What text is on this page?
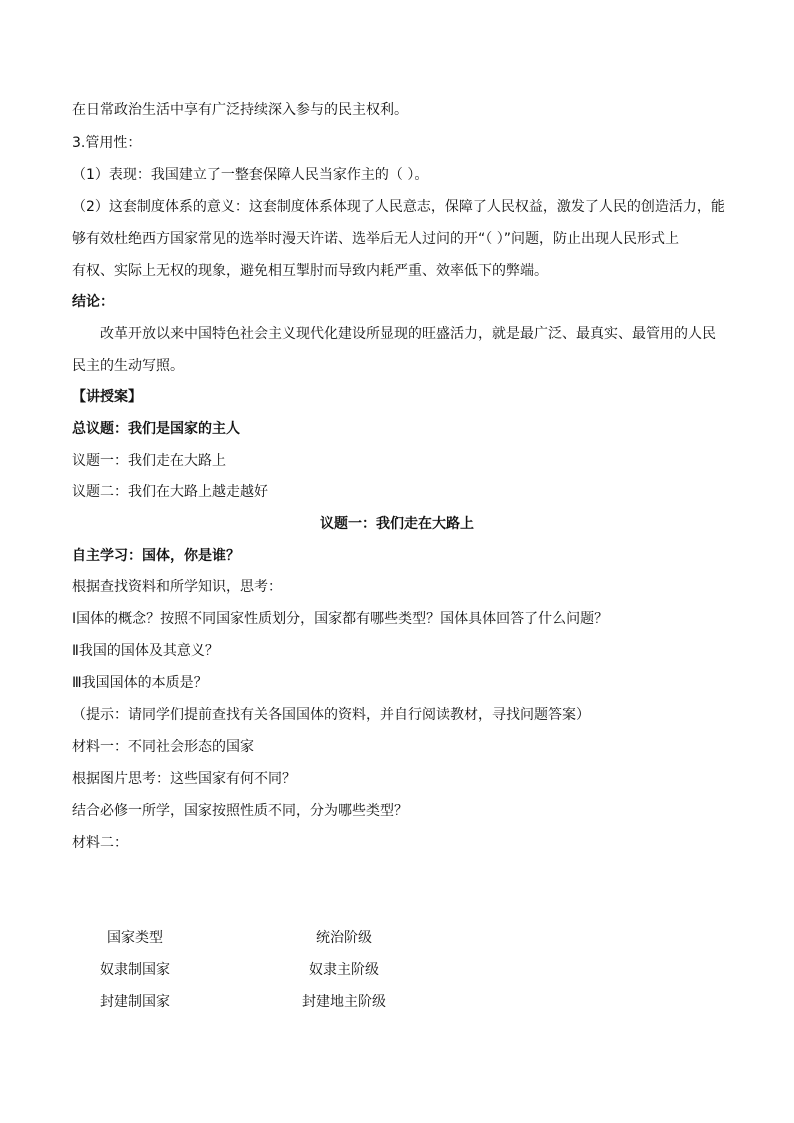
在日常政治生活中享有广泛持续深入参与的民主权利。
3.管用性：
（1）表现：我国建立了一整套保障人民当家作主的（ ）。
（2）这套制度体系的意义：这套制度体系体现了人民意志，保障了人民权益，激发了人民的创造活力，能
够有效杜绝西方国家常见的选举时漫天许诺、选举后无人过问的开“（ ）”问题，防止出现人民形式上
有权、实际上无权的现象，避免相互掣肘而导致内耗严重、效率低下的弊端。
结论：
改革开放以来中国特色社会主义现代化建设所显现的旺盛活力，就是最广泛、最真实、最管用的人民
民主的生动写照。
【讲授案】
总议题：我们是国家的主人
议题一：我们走在大路上
议题二：我们在大路上越走越好
议题一：我们走在大路上
自主学习：国体，你是谁？
根据查找资料和所学知识，思考：
Ⅰ国体的概念？按照不同国家性质划分，国家都有哪些类型？国体具体回答了什么问题？
Ⅱ我国的国体及其意义？
Ⅲ我国国体的本质是？
（提示：请同学们提前查找有关各国国体的资料，并自行阅读教材，寻找问题答案）
材料一：不同社会形态的国家
根据图片思考：这些国家有何不同？
结合必修一所学，国家按照性质不同，分为哪些类型？
材料二：
国家类型	统治阶级
奴隶制国家	奴隶主阶级
封建制国家	封建地主阶级
